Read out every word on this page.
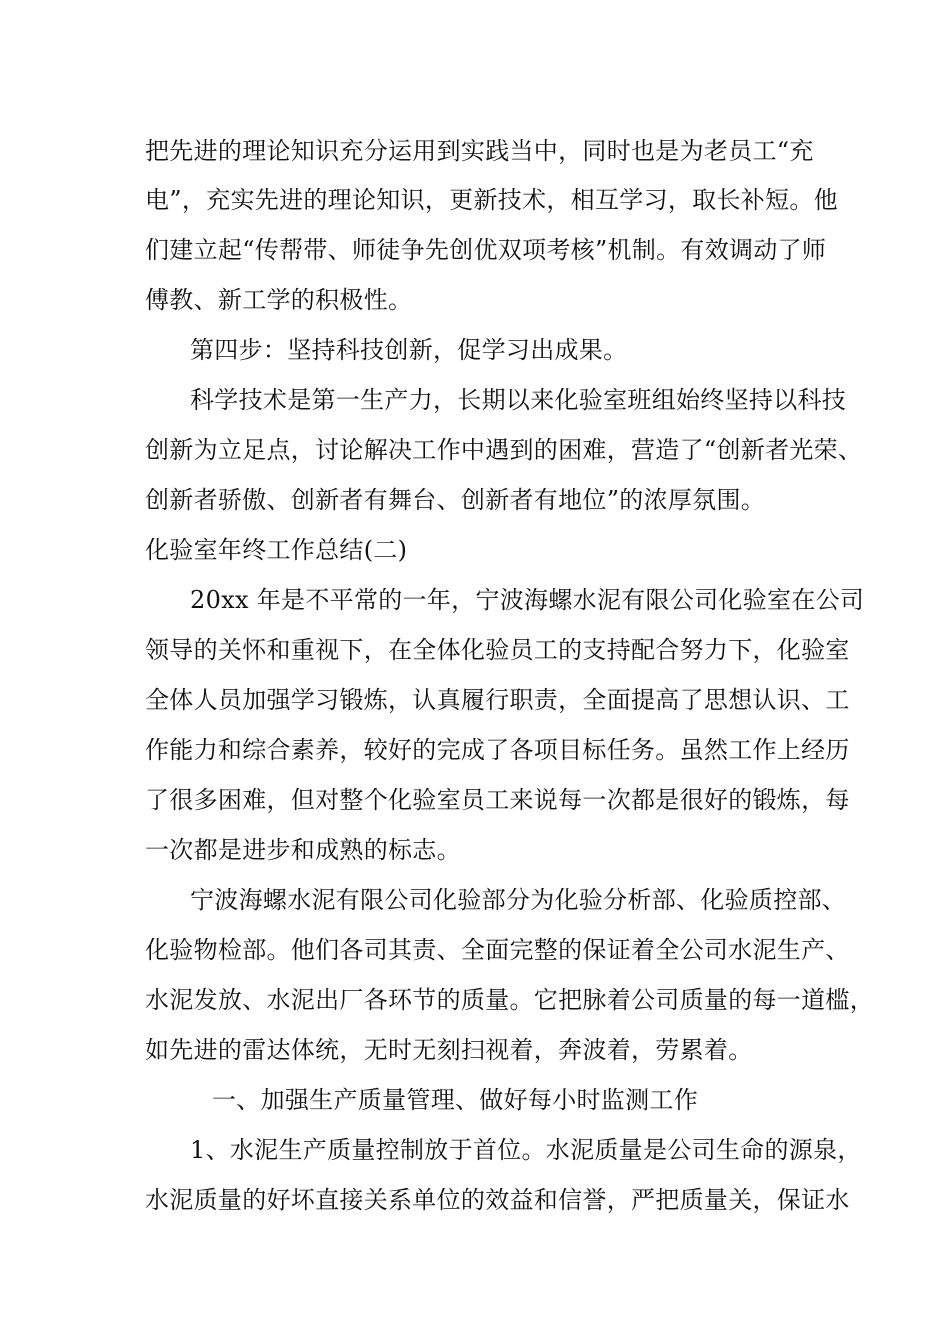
把先进的理论知识充分运用到实践当中，同时也是为老员工“充

电”，充实先进的理论知识，更新技术，相互学习，取长补短。他

们建立起“传帮带、师徒争先创优双项考核”机制。有效调动了师

傅教、新工学的积极性。

第四步：坚持科技创新，促学习出成果。

科学技术是第一生产力，长期以来化验室班组始终坚持以科技

创新为立足点，讨论解决工作中遇到的困难，营造了“创新者光荣、

创新者骄傲、创新者有舞台、创新者有地位”的浓厚氛围。

化验室年终工作总结(二)

20xx 年是不平常的一年，宁波海螺水泥有限公司化验室在公司

领导的关怀和重视下，在全体化验员工的支持配合努力下，化验室

全体人员加强学习锻炼，认真履行职责，全面提高了思想认识、工

作能力和综合素养，较好的完成了各项目标任务。虽然工作上经历

了很多困难，但对整个化验室员工来说每一次都是很好的锻炼，每

一次都是进步和成熟的标志。

宁波海螺水泥有限公司化验部分为化验分析部、化验质控部、

化验物检部。他们各司其责、全面完整的保证着全公司水泥生产、

水泥发放、水泥出厂各环节的质量。它把脉着公司质量的每一道槛，

如先进的雷达体统，无时无刻扫视着，奔波着，劳累着。

一、加强生产质量管理、做好每小时监测工作

1、水泥生产质量控制放于首位。水泥质量是公司生命的源泉，

水泥质量的好坏直接关系单位的效益和信誉，严把质量关，保证水
